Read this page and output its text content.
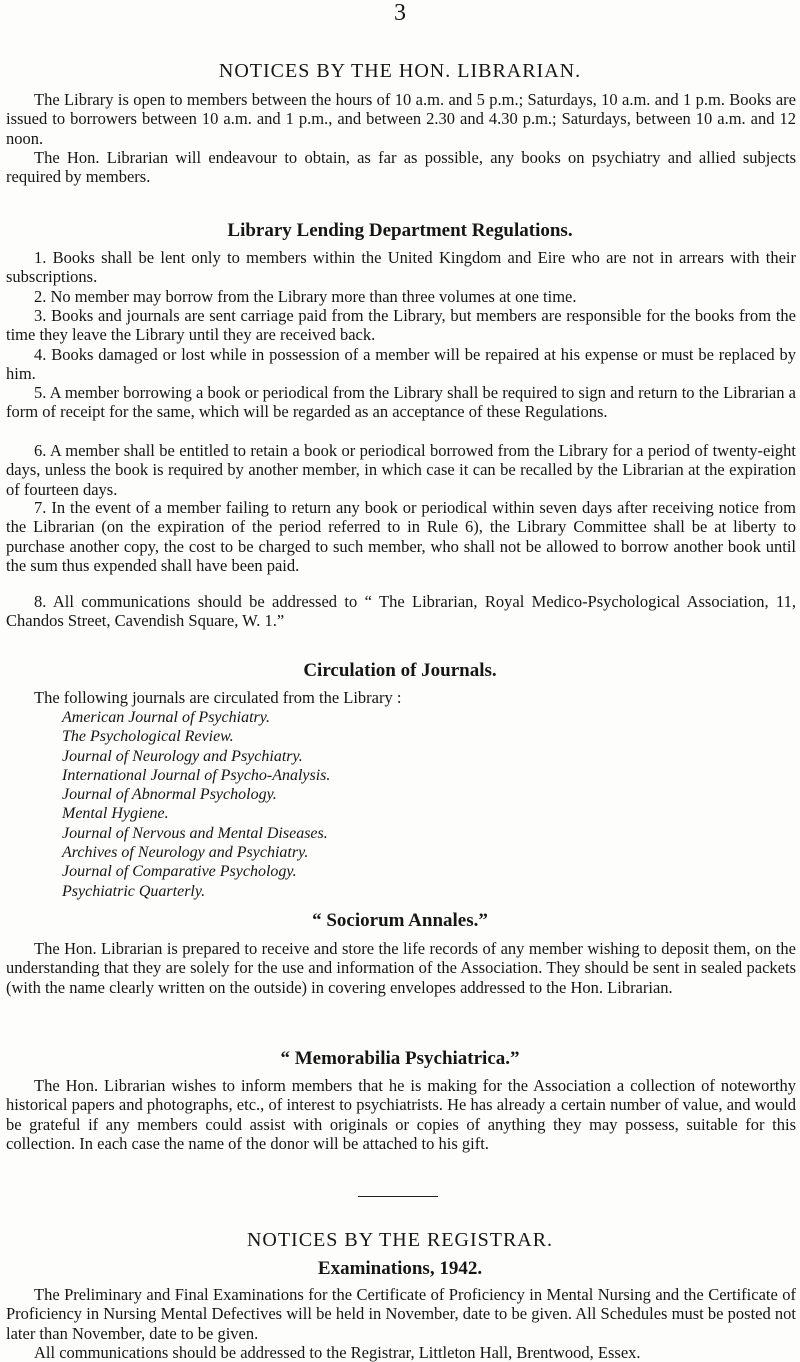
3
NOTICES BY THE HON. LIBRARIAN.

The Library is open to members between the hours of 10 a.m. and 5 p.m.; Saturdays, 10 a.m. and 1 p.m. Books are issued to borrowers between 10 a.m. and 1 p.m., and between 2.30 and 4.30 p.m.; Saturdays, between 10 a.m. and 12 noon.

The Hon. Librarian will endeavour to obtain, as far as possible, any books on psychiatry and allied subjects required by members.

Library Lending Department Regulations.

1. Books shall be lent only to members within the United Kingdom and Eire who are not in arrears with their subscriptions.

2. No member may borrow from the Library more than three volumes at one time.

3. Books and journals are sent carriage paid from the Library, but members are responsible for the books from the time they leave the Library until they are received back.

4. Books damaged or lost while in possession of a member will be repaired at his expense or must be replaced by him.

5. A member borrowing a book or periodical from the Library shall be required to sign and return to the Librarian a form of receipt for the same, which will be regarded as an acceptance of these Regulations.

6. A member shall be entitled to retain a book or periodical borrowed from the Library for a period of twenty-eight days, unless the book is required by another member, in which case it can be recalled by the Librarian at the expiration of fourteen days.

7. In the event of a member failing to return any book or periodical within seven days after receiving notice from the Librarian (on the expiration of the period referred to in Rule 6), the Library Committee shall be at liberty to purchase another copy, the cost to be charged to such member, who shall not be allowed to borrow another book until the sum thus expended shall have been paid.

8. All communications should be addressed to “ The Librarian, Royal Medico-Psychological Association, 11, Chandos Street, Cavendish Square, W. 1.”

Circulation of Journals.

The following journals are circulated from the Library :

American Journal of Psychiatry.
The Psychological Review.
Journal of Neurology and Psychiatry.
International Journal of Psycho-Analysis.
Journal of Abnormal Psychology.
Mental Hygiene.
Journal of Nervous and Mental Diseases.
Archives of Neurology and Psychiatry.
Journal of Comparative Psychology.
Psychiatric Quarterly.
“ Sociorum Annales.”

The Hon. Librarian is prepared to receive and store the life records of any member wishing to deposit them, on the understanding that they are solely for the use and information of the Association. They should be sent in sealed packets (with the name clearly written on the outside) in covering envelopes addressed to the Hon. Librarian.

“ Memorabilia Psychiatrica.”

The Hon. Librarian wishes to inform members that he is making for the Association a collection of noteworthy historical papers and photographs, etc., of interest to psychiatrists. He has already a certain number of value, and would be grateful if any members could assist with originals or copies of anything they may possess, suitable for this collection. In each case the name of the donor will be attached to his gift.

NOTICES BY THE REGISTRAR.
Examinations, 1942.

The Preliminary and Final Examinations for the Certificate of Proficiency in Mental Nursing and the Certificate of Proficiency in Nursing Mental Defectives will be held in November, date to be given. All Schedules must be posted not later than November, date to be given.

All communications should be addressed to the Registrar, Littleton Hall, Brentwood, Essex.
